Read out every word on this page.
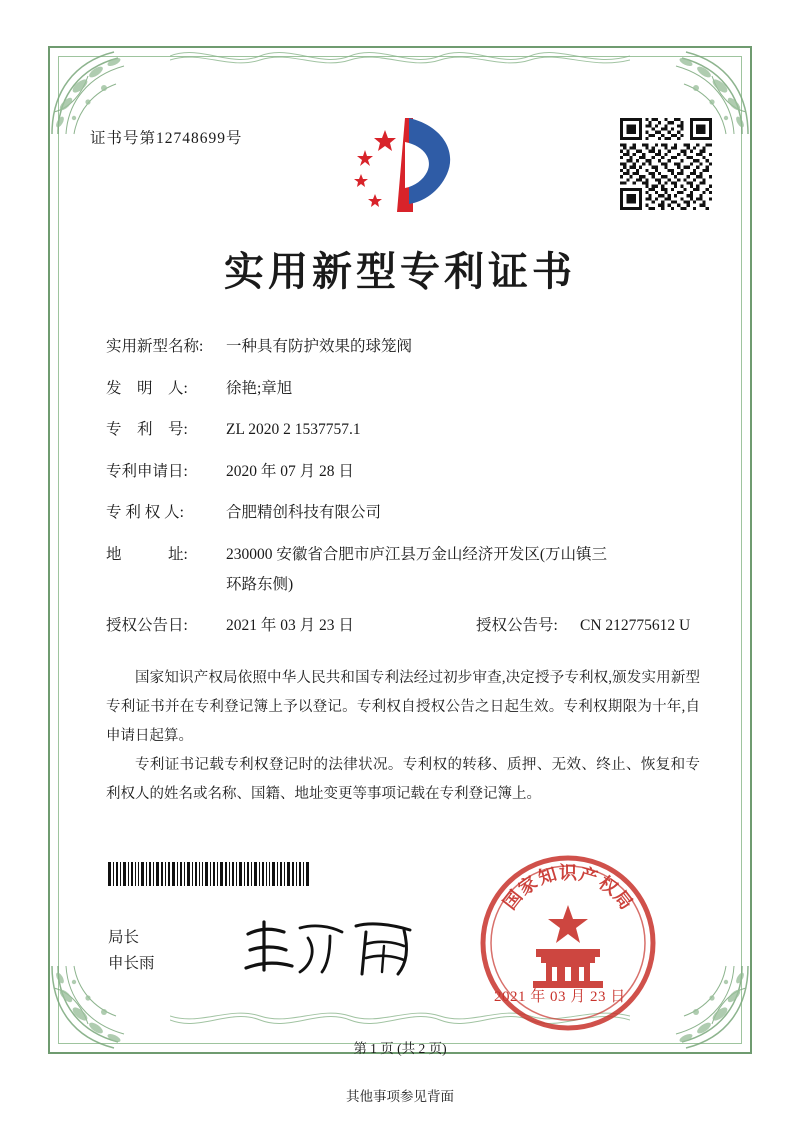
证书号第12748699号
实用新型专利证书
实用新型名称:	一种具有防护效果的球笼阀
发　明　人:	徐艳;章旭
专　利　号:	ZL 2020 2 1537757.1
专利申请日:	2020 年 07 月 28 日
专 利 权 人:	合肥精创科技有限公司
地　　　址:	230000 安徽省合肥市庐江县万金山经济开发区(万山镇三
环路东侧)
授权公告日:	2021 年 03 月 23 日	授权公告号:	CN 212775612 U

国家知识产权局依照中华人民共和国专利法经过初步审查,决定授予专利权,颁发实用新型专利证书并在专利登记簿上予以登记。专利权自授权公告之日起生效。专利权期限为十年,自申请日起算。

专利证书记载专利权登记时的法律状况。专利权的转移、质押、无效、终止、恢复和专利权人的姓名或名称、国籍、地址变更等事项记载在专利登记簿上。

局长
申长雨
国
家
知 识 产
权
局
2021 年 03 月 23 日
第 1 页 (共 2 页)
其他事项参见背面
